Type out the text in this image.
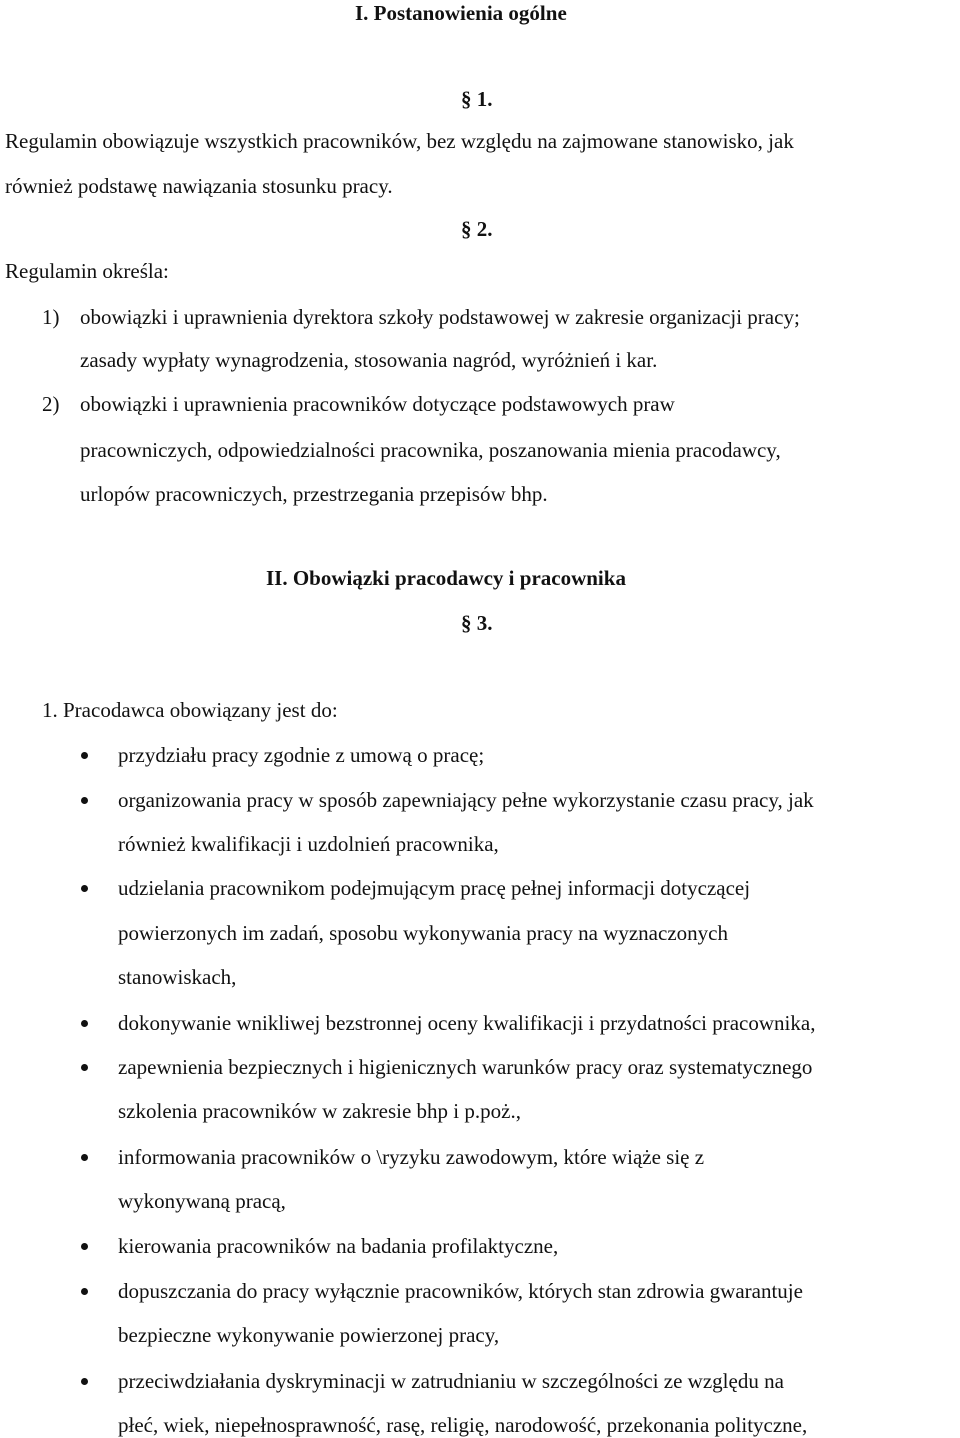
I. Postanowienia ogólne
§ 1.
Regulamin obowiązuje wszystkich pracowników, bez względu na zajmowane stanowisko, jak
również podstawę nawiązania stosunku pracy.
§ 2.
Regulamin określa:
1) obowiązki i uprawnienia dyrektora szkoły podstawowej w zakresie organizacji pracy;
zasady wypłaty wynagrodzenia, stosowania nagród, wyróżnień i kar.
2) obowiązki i uprawnienia pracowników dotyczące podstawowych praw
pracowniczych, odpowiedzialności pracownika, poszanowania mienia pracodawcy,
urlopów pracowniczych, przestrzegania przepisów bhp.
II. Obowiązki pracodawcy i pracownika
§ 3.
1. Pracodawca obowiązany jest do:
przydziału pracy zgodnie z umową o pracę;
organizowania pracy w sposób zapewniający pełne wykorzystanie czasu pracy, jak
również kwalifikacji i uzdolnień pracownika,
udzielania pracownikom podejmującym pracę pełnej informacji dotyczącej
powierzonych im zadań, sposobu wykonywania pracy na wyznaczonych
stanowiskach,
dokonywanie wnikliwej bezstronnej oceny kwalifikacji i przydatności pracownika,
zapewnienia bezpiecznych i higienicznych warunków pracy oraz systematycznego
szkolenia pracowników w zakresie bhp i p.poż.,
informowania pracowników o \ryzyku zawodowym, które wiąże się z
wykonywaną pracą,
kierowania pracowników na badania profilaktyczne,
dopuszczania do pracy wyłącznie pracowników, których stan zdrowia gwarantuje
bezpieczne wykonywanie powierzonej pracy,
przeciwdziałania dyskryminacji w zatrudnianiu w szczególności ze względu na
płeć, wiek, niepełnosprawność, rasę, religię, narodowość, przekonania polityczne,
